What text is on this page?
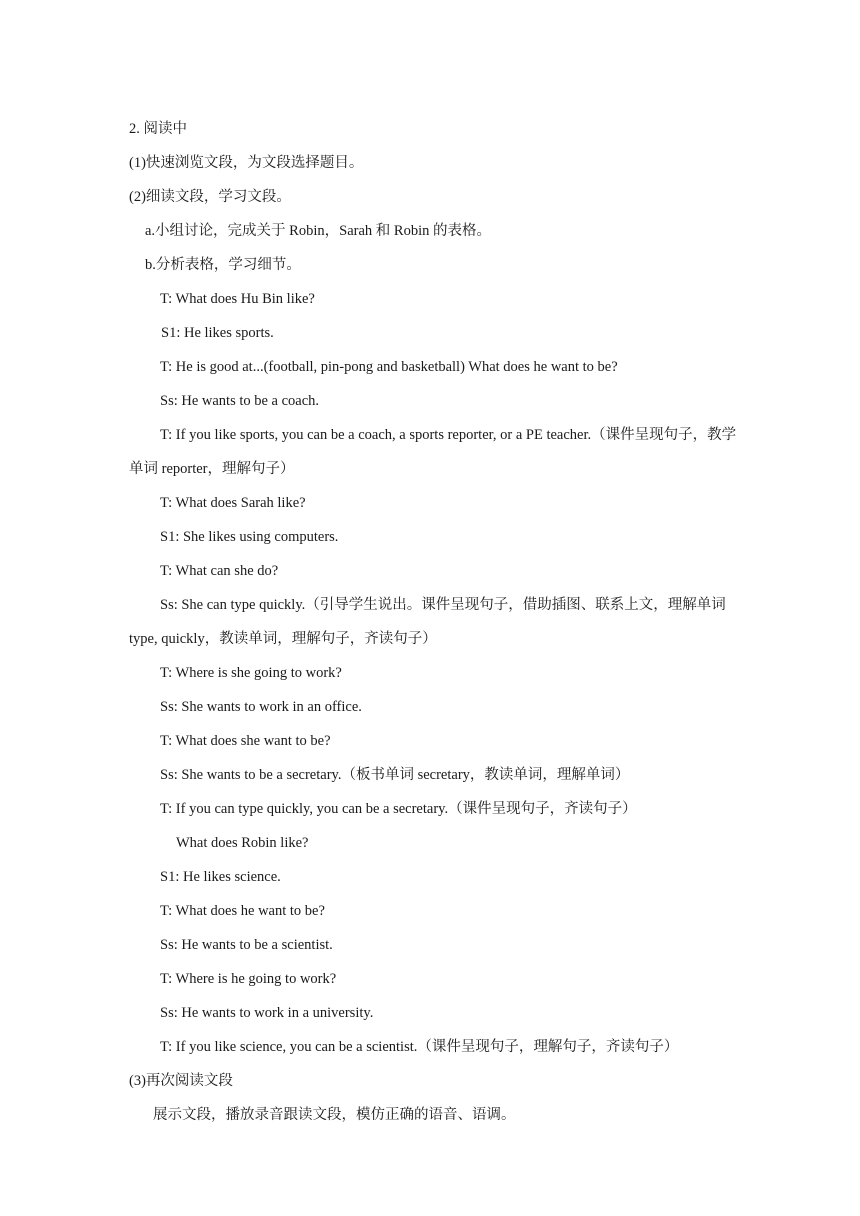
2. 阅读中
(1)快速浏览文段，为文段选择题目。
(2)细读文段，学习文段。
a.小组讨论，完成关于 Robin，Sarah 和 Robin 的表格。
b.分析表格，学习细节。
T: What does Hu Bin like?
S1: He likes sports.
T: He is good at...(football, pin-pong and basketball) What does he want to be?
Ss: He wants to be a coach.
T: If you like sports, you can be a coach, a sports reporter, or a PE teacher.（课件呈现句子，教学单词 reporter，理解句子）
T: What does Sarah like?
S1: She likes using computers.
T: What can she do?
Ss: She can type quickly.（引导学生说出。课件呈现句子，借助插图、联系上文，理解单词 type, quickly，教读单词，理解句子，齐读句子）
T: Where is she going to work?
Ss: She wants to work in an office.
T: What does she want to be?
Ss: She wants to be a secretary.（板书单词 secretary，教读单词，理解单词）
T: If you can type quickly, you can be a secretary.（课件呈现句子，齐读句子）
What does Robin like?
S1: He likes science.
T: What does he want to be?
Ss: He wants to be a scientist.
T: Where is he going to work?
Ss: He wants to work in a university.
T: If you like science, you can be a scientist.（课件呈现句子，理解句子，齐读句子）
(3)再次阅读文段
展示文段，播放录音跟读文段，模仿正确的语音、语调。
